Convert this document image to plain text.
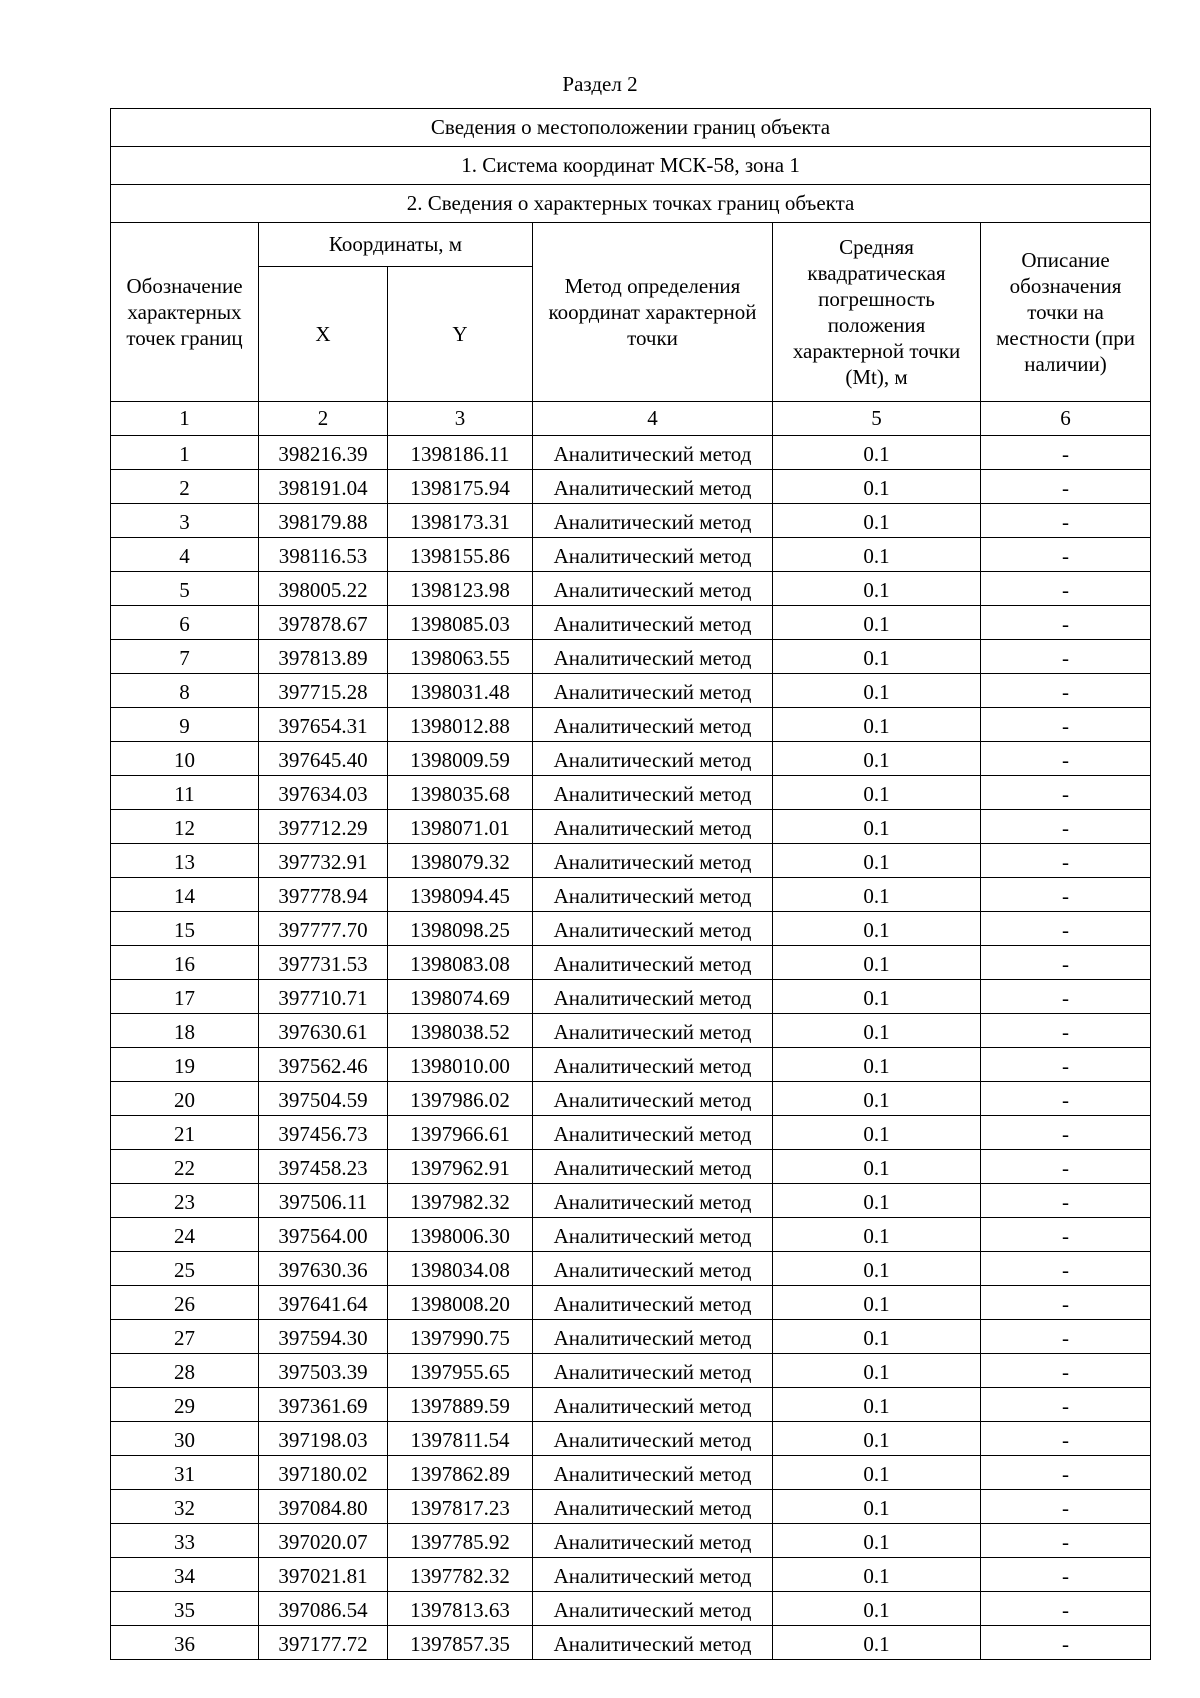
Раздел 2
Сведения о местоположении границ объекта					
1. Система координат МСК-58, зона 1					
2. Сведения о характерных точках границ объекта					
Обозначение характерных точек границ	Координаты, м		Метод определения координат характерной точки	Средняя квадратическая погрешность положения характерной точки (Mt), м	Описание обозначения точки на местности (при наличии)
	X	Y			
1	2	3	4	5	6
1	398216.39	1398186.11	Аналитический метод	0.1	-
2	398191.04	1398175.94	Аналитический метод	0.1	-
3	398179.88	1398173.31	Аналитический метод	0.1	-
4	398116.53	1398155.86	Аналитический метод	0.1	-
5	398005.22	1398123.98	Аналитический метод	0.1	-
6	397878.67	1398085.03	Аналитический метод	0.1	-
7	397813.89	1398063.55	Аналитический метод	0.1	-
8	397715.28	1398031.48	Аналитический метод	0.1	-
9	397654.31	1398012.88	Аналитический метод	0.1	-
10	397645.40	1398009.59	Аналитический метод	0.1	-
11	397634.03	1398035.68	Аналитический метод	0.1	-
12	397712.29	1398071.01	Аналитический метод	0.1	-
13	397732.91	1398079.32	Аналитический метод	0.1	-
14	397778.94	1398094.45	Аналитический метод	0.1	-
15	397777.70	1398098.25	Аналитический метод	0.1	-
16	397731.53	1398083.08	Аналитический метод	0.1	-
17	397710.71	1398074.69	Аналитический метод	0.1	-
18	397630.61	1398038.52	Аналитический метод	0.1	-
19	397562.46	1398010.00	Аналитический метод	0.1	-
20	397504.59	1397986.02	Аналитический метод	0.1	-
21	397456.73	1397966.61	Аналитический метод	0.1	-
22	397458.23	1397962.91	Аналитический метод	0.1	-
23	397506.11	1397982.32	Аналитический метод	0.1	-
24	397564.00	1398006.30	Аналитический метод	0.1	-
25	397630.36	1398034.08	Аналитический метод	0.1	-
26	397641.64	1398008.20	Аналитический метод	0.1	-
27	397594.30	1397990.75	Аналитический метод	0.1	-
28	397503.39	1397955.65	Аналитический метод	0.1	-
29	397361.69	1397889.59	Аналитический метод	0.1	-
30	397198.03	1397811.54	Аналитический метод	0.1	-
31	397180.02	1397862.89	Аналитический метод	0.1	-
32	397084.80	1397817.23	Аналитический метод	0.1	-
33	397020.07	1397785.92	Аналитический метод	0.1	-
34	397021.81	1397782.32	Аналитический метод	0.1	-
35	397086.54	1397813.63	Аналитический метод	0.1	-
36	397177.72	1397857.35	Аналитический метод	0.1	-
